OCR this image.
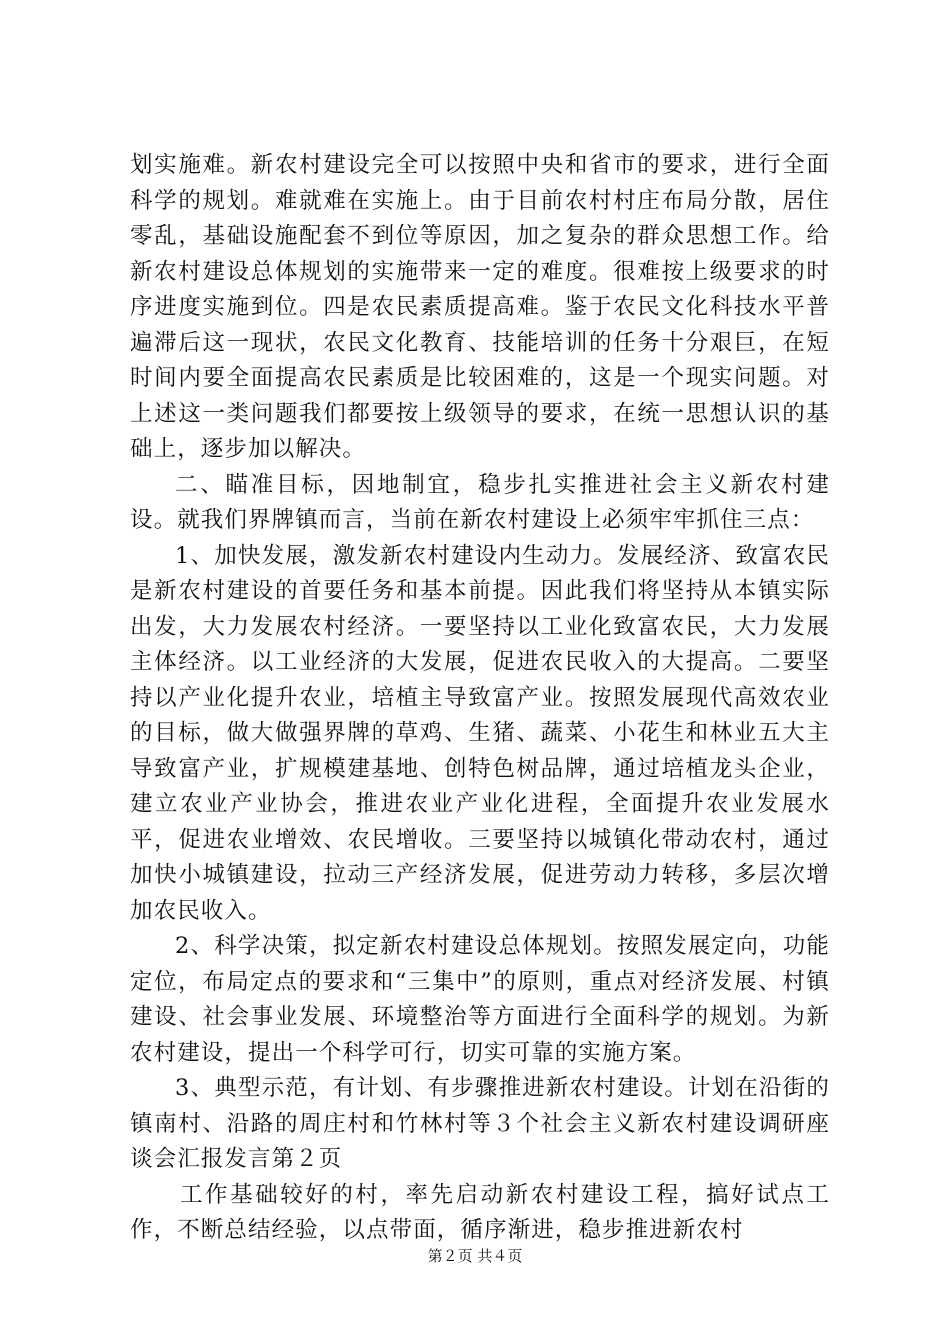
划实施难。新农村建设完全可以按照中央和省市的要求，进行全面科学的规划。难就难在实施上。由于目前农村村庄布局分散，居住零乱，基础设施配套不到位等原因，加之复杂的群众思想工作。给新农村建设总体规划的实施带来一定的难度。很难按上级要求的时序进度实施到位。四是农民素质提高难。鉴于农民文化科技水平普遍滞后这一现状，农民文化教育、技能培训的任务十分艰巨，在短时间内要全面提高农民素质是比较困难的，这是一个现实问题。对上述这一类问题我们都要按上级领导的要求，在统一思想认识的基础上，逐步加以解决。

二、瞄准目标，因地制宜，稳步扎实推进社会主义新农村建设。就我们界牌镇而言，当前在新农村建设上必须牢牢抓住三点：

1、加快发展，激发新农村建设内生动力。发展经济、致富农民是新农村建设的首要任务和基本前提。因此我们将坚持从本镇实际出发，大力发展农村经济。一要坚持以工业化致富农民，大力发展主体经济。以工业经济的大发展，促进农民收入的大提高。二要坚持以产业化提升农业，培植主导致富产业。按照发展现代高效农业的目标，做大做强界牌的草鸡、生猪、蔬菜、小花生和林业五大主导致富产业，扩规模建基地、创特色树品牌，通过培植龙头企业，建立农业产业协会，推进农业产业化进程，全面提升农业发展水平，促进农业增效、农民增收。三要坚持以城镇化带动农村，通过加快小城镇建设，拉动三产经济发展，促进劳动力转移，多层次增加农民收入。

2、科学决策，拟定新农村建设总体规划。按照发展定向，功能定位，布局定点的要求和“三集中”的原则，重点对经济发展、村镇建设、社会事业发展、环境整治等方面进行全面科学的规划。为新农村建设，提出一个科学可行，切实可靠的实施方案。

3、典型示范，有计划、有步骤推进新农村建设。计划在沿街的镇南村、沿路的周庄村和竹林村等３个社会主义新农村建设调研座谈会汇报发言第２页

工作基础较好的村，率先启动新农村建设工程，搞好试点工作，不断总结经验，以点带面，循序渐进，稳步推进新农村

第２页 共４页
